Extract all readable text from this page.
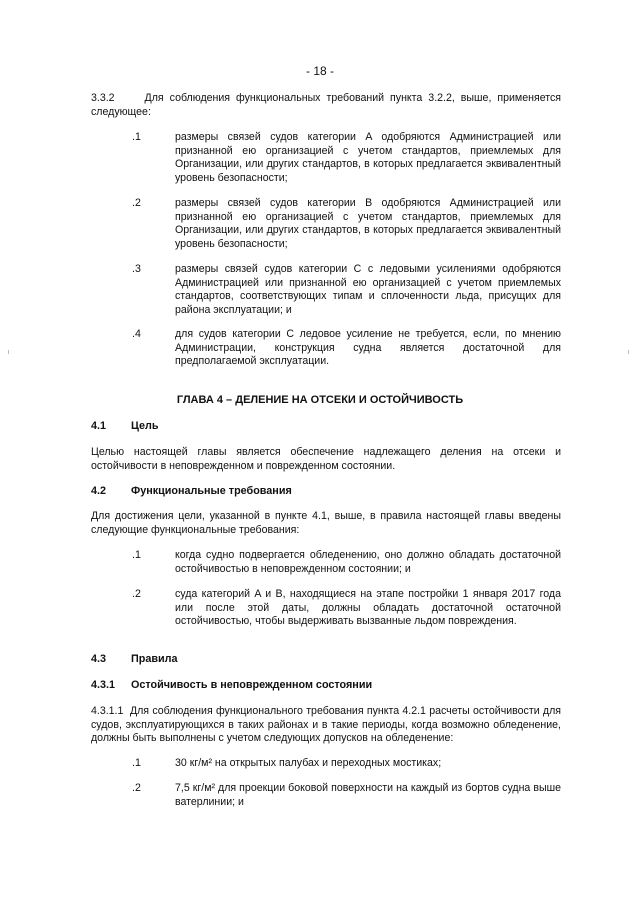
- 18 -
3.3.2     Для соблюдения функциональных требований пункта 3.2.2, выше, применяется следующее:
.1	размеры связей судов категории A одобряются Администрацией или признанной ею организацией с учетом стандартов, приемлемых для Организации, или других стандартов, в которых предлагается эквивалентный уровень безопасности;
.2	размеры связей судов категории B одобряются Администрацией или признанной ею организацией с учетом стандартов, приемлемых для Организации, или других стандартов, в которых предлагается эквивалентный уровень безопасности;
.3	размеры связей судов категории C с ледовыми усилениями одобряются Администрацией или признанной ею организацией с учетом приемлемых стандартов, соответствующих типам и сплоченности льда, присущих для района эксплуатации; и
.4	для судов категории C ледовое усиление не требуется, если, по мнению Администрации, конструкция судна является достаточной для предполагаемой эксплуатации.
ГЛАВА 4 – ДЕЛЕНИЕ НА ОТСЕКИ И ОСТОЙЧИВОСТЬ
4.1 Цель
Целью настоящей главы является обеспечение надлежащего деления на отсеки и остойчивости в неповрежденном и поврежденном состоянии.
4.2 Функциональные требования
Для достижения цели, указанной в пункте 4.1, выше, в правила настоящей главы введены следующие функциональные требования:
.1	когда судно подвергается обледенению, оно должно обладать достаточной остойчивостью в неповрежденном состоянии; и
.2	суда категорий A и B, находящиеся на этапе постройки 1 января 2017 года или после этой даты, должны обладать достаточной остаточной остойчивостью, чтобы выдерживать вызванные льдом повреждения.
4.3 Правила
4.3.1 Остойчивость в неповрежденном состоянии
4.3.1.1  Для соблюдения функционального требования пункта 4.2.1 расчеты остойчивости для судов, эксплуатирующихся в таких районах и в такие периоды, когда возможно обледенение, должны быть выполнены с учетом следующих допусков на обледенение:
.1	30 кг/м² на открытых палубах и переходных мостиках;
.2	7,5 кг/м² для проекции боковой поверхности на каждый из бортов судна выше ватерлинии; и
